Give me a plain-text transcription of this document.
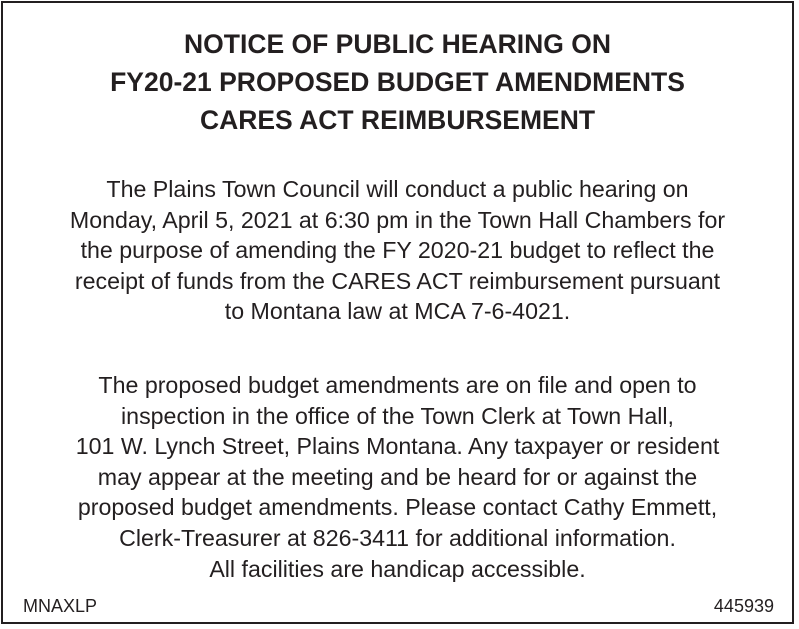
NOTICE OF PUBLIC HEARING ON
FY20-21 PROPOSED BUDGET AMENDMENTS
CARES ACT REIMBURSEMENT
The Plains Town Council will conduct a public hearing on
Monday, April 5, 2021 at 6:30 pm in the Town Hall Chambers for
the purpose of amending the FY 2020-21 budget to reflect the
receipt of funds from the CARES ACT reimbursement pursuant
to Montana law at MCA 7-6-4021.
The proposed budget amendments are on file and open to
inspection in the office of the Town Clerk at Town Hall,
101 W. Lynch Street, Plains Montana. Any taxpayer or resident
may appear at the meeting and be heard for or against the
proposed budget amendments. Please contact Cathy Emmett,
Clerk-Treasurer at 826-3411 for additional information.
All facilities are handicap accessible.
MNAXLP	445939
